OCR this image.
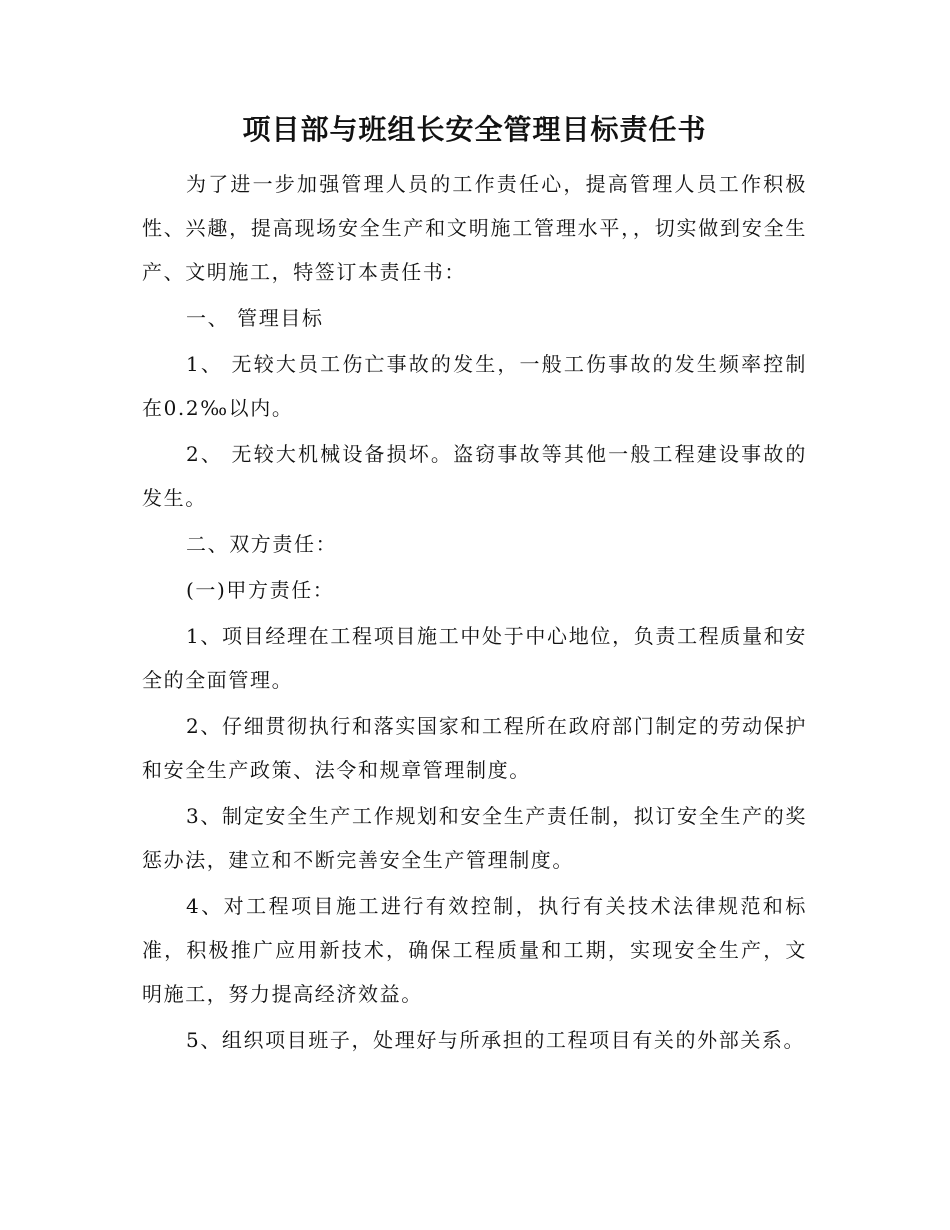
项目部与班组长安全管理目标责任书

为了进一步加强管理人员的工作责任心，提高管理人员工作积极性、兴趣，提高现场安全生产和文明施工管理水平，，切实做到安全生产、文明施工，特签订本责任书：

一、 管理目标

1、 无较大员工伤亡事故的发生，一般工伤事故的发生频率控制在0.2‰以内。

2、 无较大机械设备损坏。盗窃事故等其他一般工程建设事故的发生。

二、双方责任：

(一)甲方责任：

1、项目经理在工程项目施工中处于中心地位，负责工程质量和安全的全面管理。

2、仔细贯彻执行和落实国家和工程所在政府部门制定的劳动保护和安全生产政策、法令和规章管理制度。

3、制定安全生产工作规划和安全生产责任制，拟订安全生产的奖惩办法，建立和不断完善安全生产管理制度。

4、对工程项目施工进行有效控制，执行有关技术法律规范和标准，积极推广应用新技术，确保工程质量和工期，实现安全生产，文明施工，努力提高经济效益。

5、组织项目班子，处理好与所承担的工程项目有关的外部关系。
